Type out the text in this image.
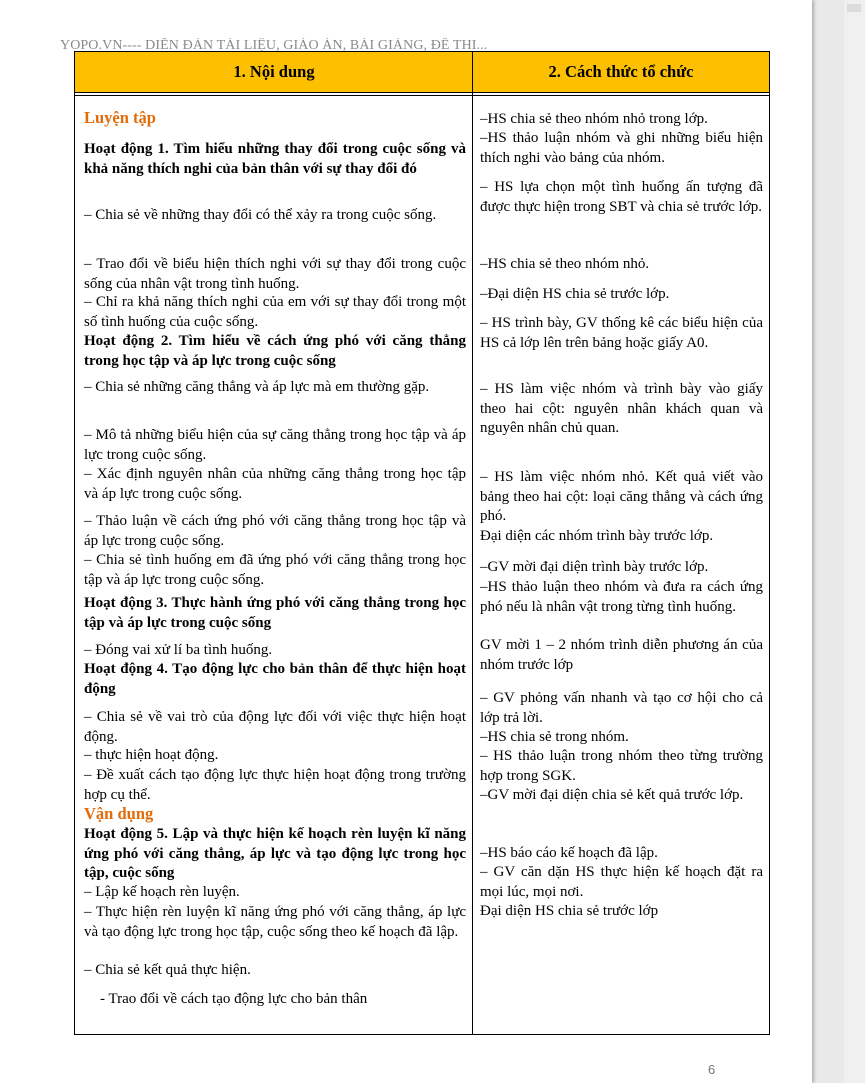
YOPO.VN---- DIỄN ĐÀN TÀI LIỆU, GIÁO ÁN, BÀI GIẢNG, ĐỀ THI...
1. Nội dung	2. Cách thức tổ chức
Luyện tập
Hoạt động 1. Tìm hiểu những thay đổi trong cuộc sống và khả năng thích nghi của bản thân với sự thay đổi đó
– Chia sẻ về những thay đổi có thể xảy ra trong cuộc sống.
– Trao đổi về biểu hiện thích nghi với sự thay đổi trong cuộc sống của nhân vật trong tình huống.
– Chỉ ra khả năng thích nghi của em với sự thay đổi trong một số tình huống của cuộc sống.
Hoạt động 2. Tìm hiểu về cách ứng phó với căng thẳng trong học tập và áp lực trong cuộc sống
– Chia sẻ những căng thẳng và áp lực mà em thường gặp.
– Mô tả những biểu hiện của sự căng thẳng trong học tập và áp lực trong cuộc sống.
– Xác định nguyên nhân của những căng thẳng trong học tập và áp lực trong cuộc sống.
– Thảo luận về cách ứng phó với căng thẳng trong học tập và áp lực trong cuộc sống.
– Chia sẻ tình huống em đã ứng phó với căng thẳng trong học tập và áp lực trong cuộc sống.
Hoạt động 3. Thực hành ứng phó với căng thẳng trong học tập và áp lực trong cuộc sống
– Đóng vai xử lí ba tình huống.
Hoạt động 4. Tạo động lực cho bản thân để thực hiện hoạt động
– Chia sẻ về vai trò của động lực đối với việc thực hiện hoạt động.
– thực hiện hoạt động.
– Đề xuất cách tạo động lực thực hiện hoạt động trong trường hợp cụ thể.
Vận dụng
Hoạt động 5. Lập và thực hiện kế hoạch rèn luyện kĩ năng ứng phó với căng thẳng, áp lực và tạo động lực trong học tập, cuộc sống
– Lập kế hoạch rèn luyện.
– Thực hiện rèn luyện kĩ năng ứng phó với căng thẳng, áp lực và tạo động lực trong học tập, cuộc sống theo kế hoạch đã lập.
– Chia sẻ kết quả thực hiện.
- Trao đổi về cách tạo động lực cho bản thân
–HS chia sẻ theo nhóm nhỏ trong lớp.
–HS thảo luận nhóm và ghi những biểu hiện thích nghi vào bảng của nhóm.
– HS lựa chọn một tình huống ấn tượng đã được thực hiện trong SBT và chia sẻ trước lớp.
–HS chia sẻ theo nhóm nhỏ.
–Đại diện HS chia sẻ trước lớp.
– HS trình bày, GV thống kê các biểu hiện của HS cả lớp lên trên bảng hoặc giấy A0.
– HS làm việc nhóm và trình bày vào giấy theo hai cột: nguyên nhân khách quan và nguyên nhân chủ quan.
– HS làm việc nhóm nhỏ. Kết quả viết vào bảng theo hai cột: loại căng thẳng và cách ứng phó.
Đại diện các nhóm trình bày trước lớp.
–GV mời đại diện trình bày trước lớp.
–HS thảo luận theo nhóm và đưa ra cách ứng phó nếu là nhân vật trong từng tình huống.
GV mời 1 – 2 nhóm trình diễn phương án của nhóm trước lớp
– GV phỏng vấn nhanh và tạo cơ hội cho cả lớp trả lời.
–HS chia sẻ trong nhóm.
– HS thảo luận trong nhóm theo từng trường hợp trong SGK.
–GV mời đại diện chia sẻ kết quả trước lớp.
–HS báo cáo kế hoạch đã lập.
– GV căn dặn HS thực hiện kế hoạch đặt ra mọi lúc, mọi nơi.
Đại diện HS chia sẻ trước lớp
6
